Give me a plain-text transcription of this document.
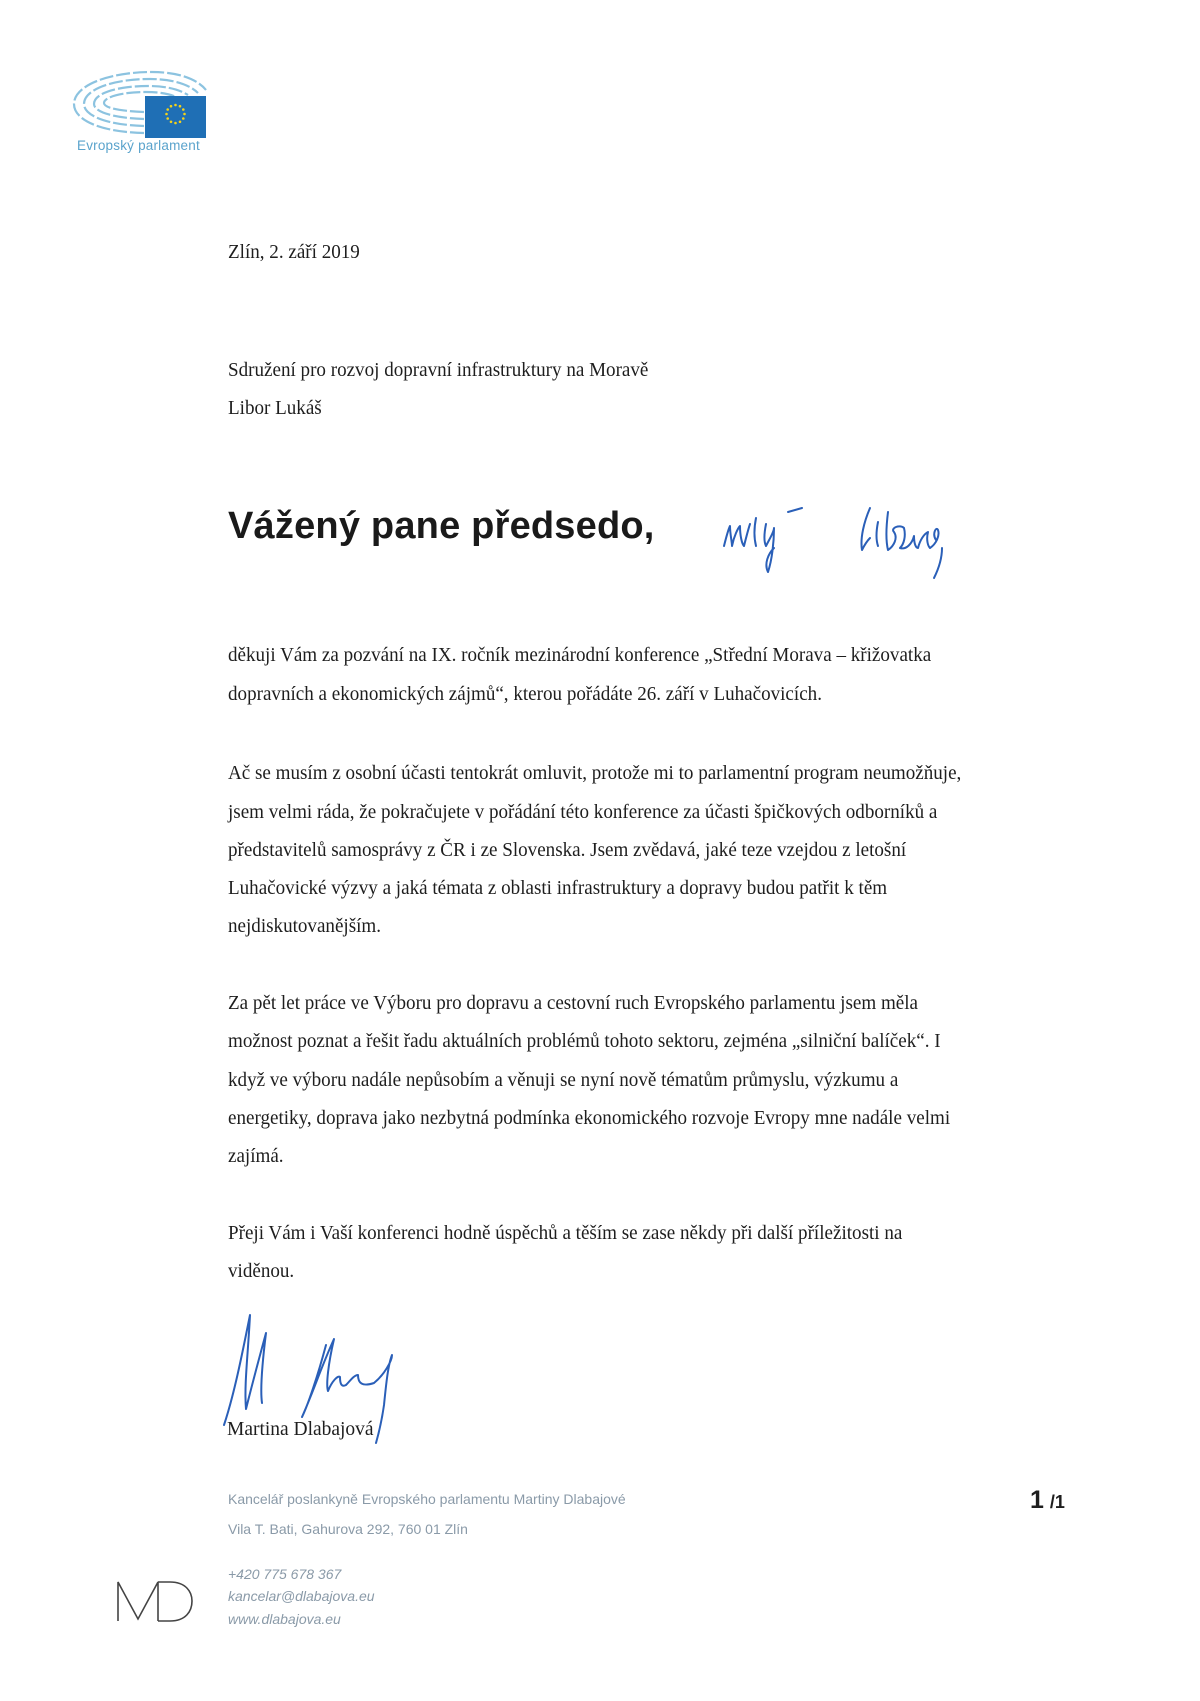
Evropský parlament
Zlín, 2. září 2019
Sdružení pro rozvoj dopravní infrastruktury na Moravě
Libor Lukáš
Vážený pane předsedo,
děkuji Vám za pozvání na IX. ročník mezinárodní konference „Střední Morava – křižovatka
dopravních a ekonomických zájmů“, kterou pořádáte 26. září v Luhačovicích.
Ač se musím z osobní účasti tentokrát omluvit, protože mi to parlamentní program neumožňuje,
jsem velmi ráda, že pokračujete v pořádání této konference za účasti špičkových odborníků a
představitelů samosprávy z ČR i ze Slovenska. Jsem zvědavá, jaké teze vzejdou z letošní
Luhačovické výzvy a jaká témata z oblasti infrastruktury a dopravy budou patřit k těm
nejdiskutovanějším.
Za pět let práce ve Výboru pro dopravu a cestovní ruch Evropského parlamentu jsem měla
možnost poznat a řešit řadu aktuálních problémů tohoto sektoru, zejména „silniční balíček“. I
když ve výboru nadále nepůsobím a věnuji se nyní nově tématům průmyslu, výzkumu a
energetiky, doprava jako nezbytná podmínka ekonomického rozvoje Evropy mne nadále velmi
zajímá.
Přeji Vám i Vaší konferenci hodně úspěchů a těším se zase někdy při další příležitosti na
viděnou.
Martina Dlabajová
Kancelář poslankyně Evropského parlamentu Martiny Dlabajové
Vila T. Bati, Gahurova 292, 760 01 Zlín
+420 775 678 367
kancelar@dlabajova.eu
www.dlabajova.eu
1 /1
